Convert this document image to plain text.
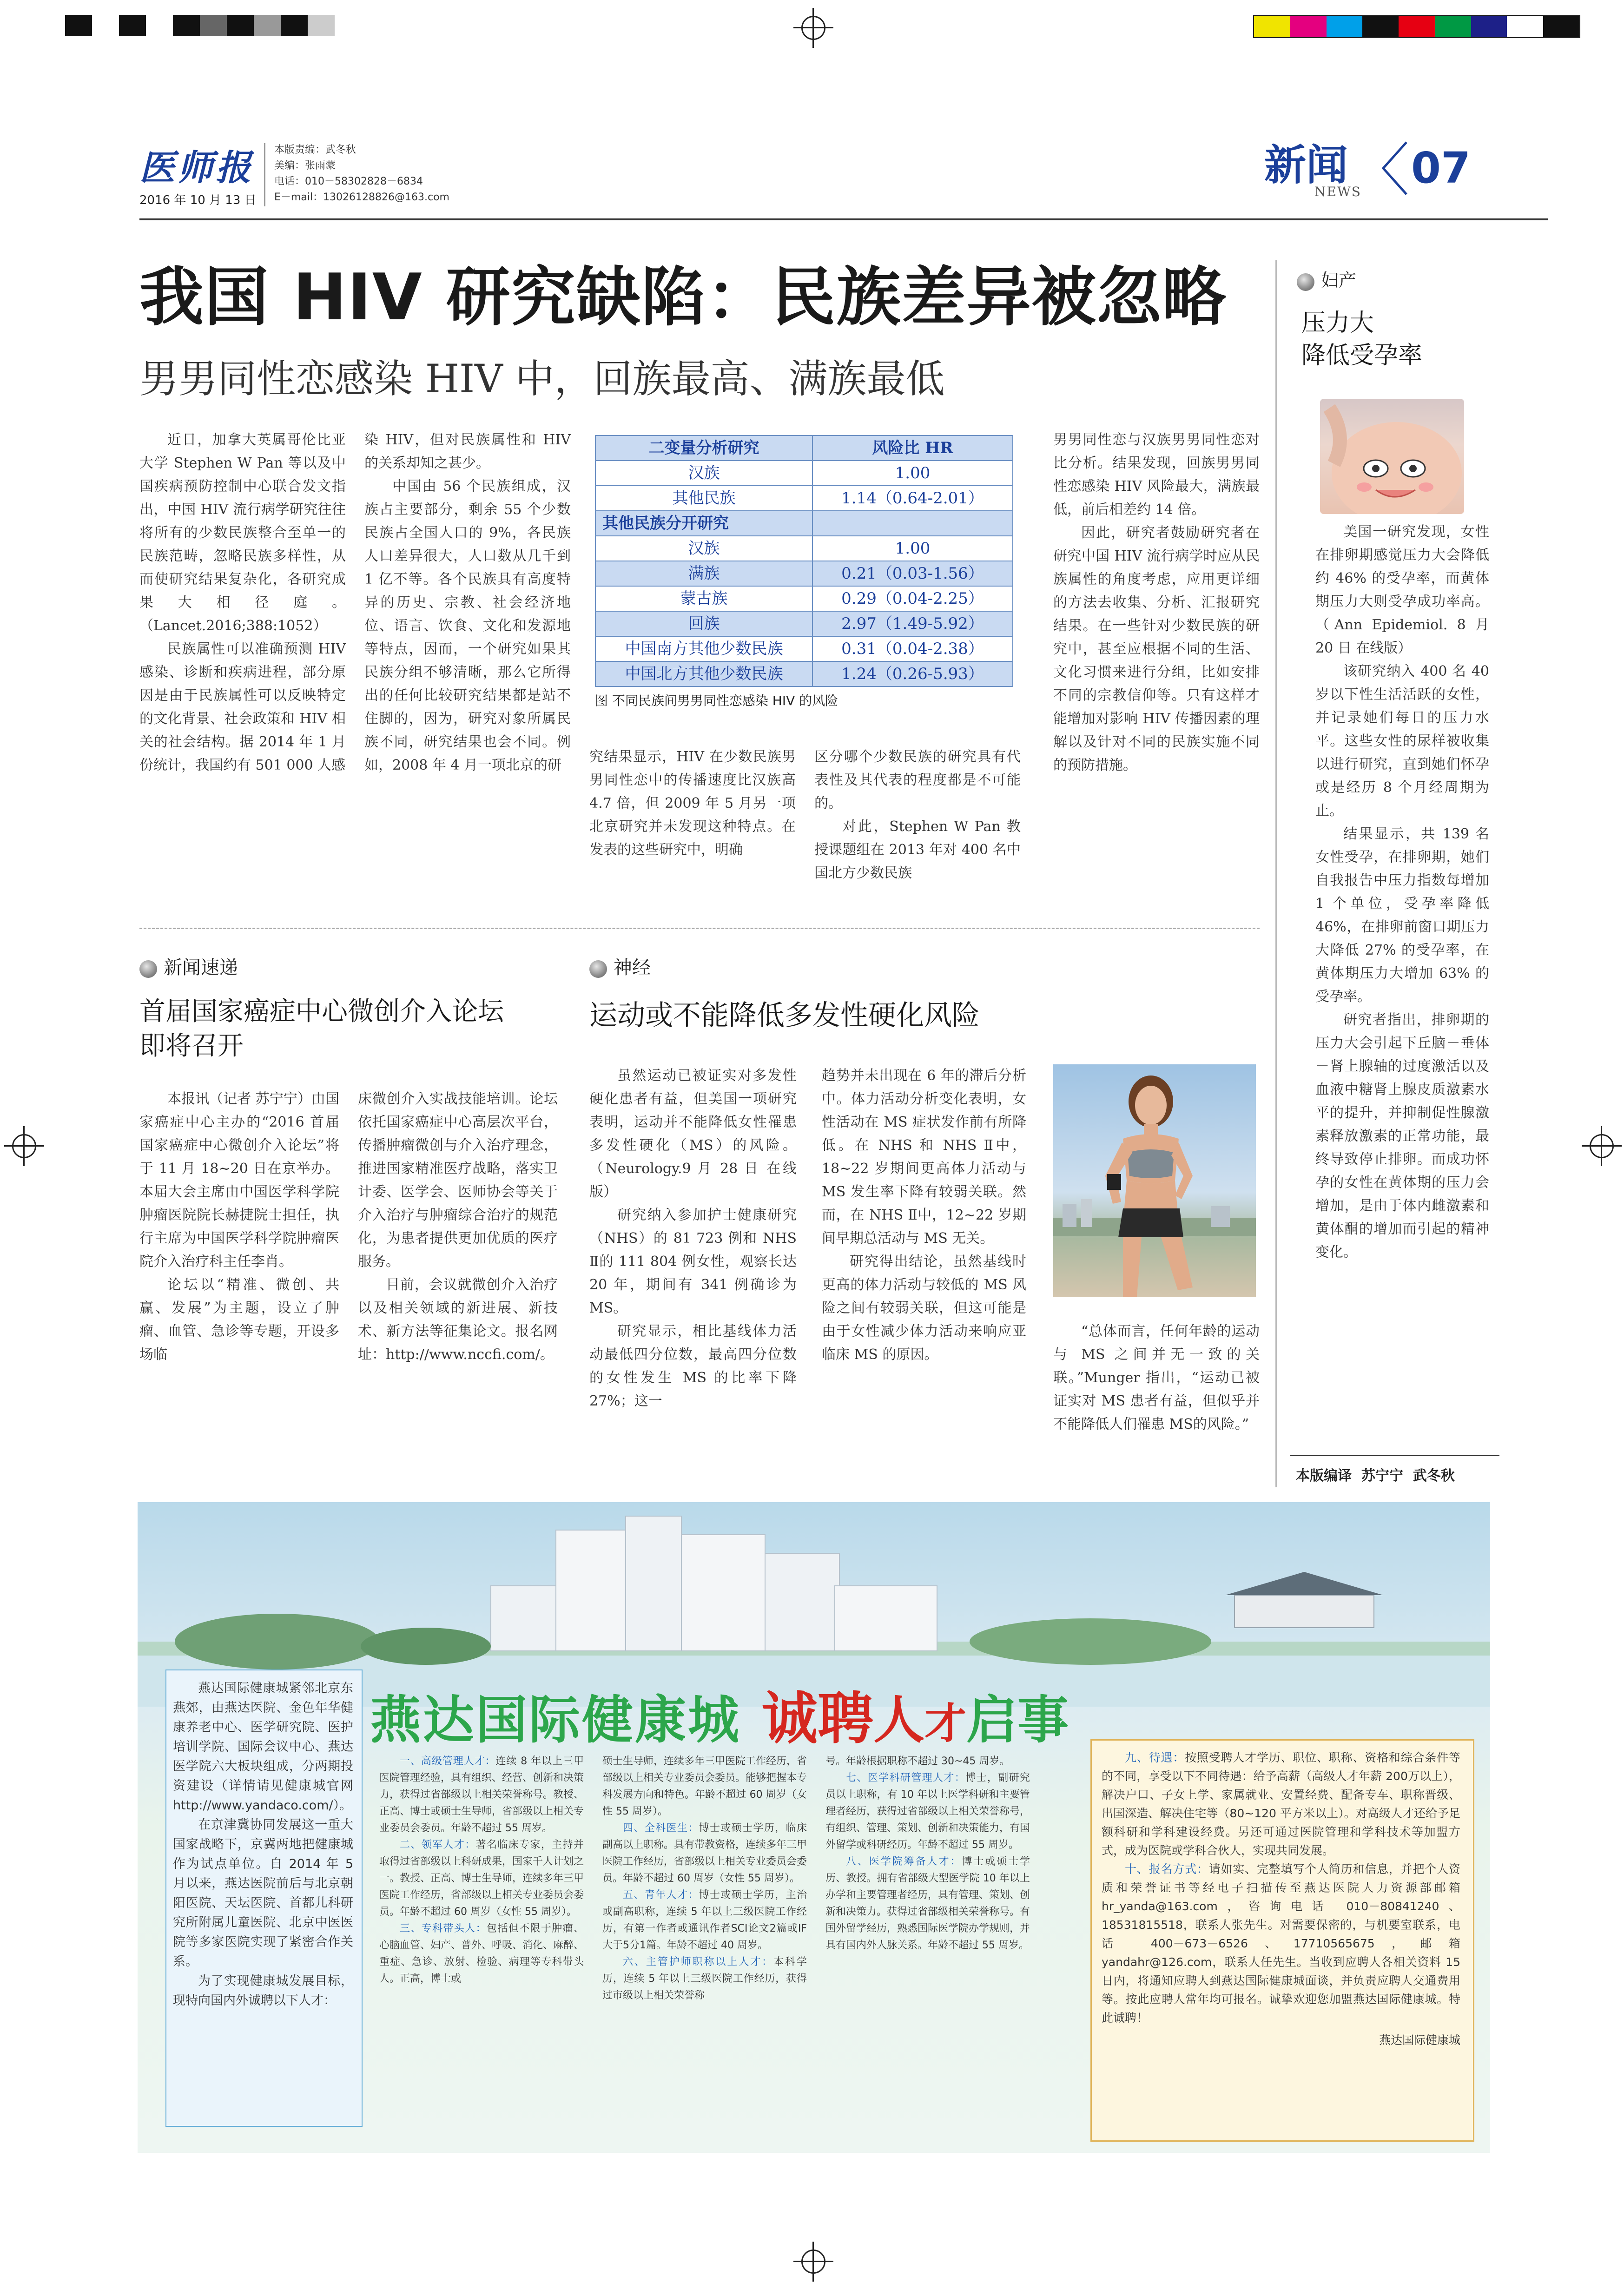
医师报
2016 年 10 月 13 日
本版责编：武冬秋
美编：张雨蒙
电话：010－58302828－6834
E－mail：13026128826@163.com
新闻
NEWS 07
我国 HIV 研究缺陷：民族差异被忽略
男男同性恋感染 HIV 中，回族最高、满族最低

近日，加拿大英属哥伦比亚大学 Stephen W Pan 等以及中国疾病预防控制中心联合发文指出，中国 HIV 流行病学研究往往将所有的少数民族整合至单一的民族范畴，忽略民族多样性，从而使研究结果复杂化，各研究成果大相径庭。（Lancet.2016;388:1052）

民族属性可以准确预测 HIV 感染、诊断和疾病进程，部分原因是由于民族属性可以反映特定的文化背景、社会政策和 HIV 相关的社会结构。据 2014 年 1 月份统计，我国约有 501 000 人感

染 HIV，但对民族属性和 HIV 的关系却知之甚少。

中国由 56 个民族组成，汉族占主要部分，剩余 55 个少数民族占全国人口的 9%，各民族人口差异很大，人口数从几千到 1 亿不等。各个民族具有高度特异的历史、宗教、社会经济地位、语言、饮食、文化和发源地等特点，因而，一个研究如果其民族分组不够清晰，那么它所得出的任何比较研究结果都是站不住脚的，因为，研究对象所属民族不同，研究结果也会不同。例如，2008 年 4 月一项北京的研

二变量分析研究	风险比 HR
汉族	1.00
其他民族	1.14（0.64-2.01）
其他民族分开研究	
汉族	1.00
满族	0.21（0.03-1.56）
蒙古族	0.29（0.04-2.25）
回族	2.97（1.49-5.92）
中国南方其他少数民族	0.31（0.04-2.38）
中国北方其他少数民族	1.24（0.26-5.93）
图 不同民族间男男同性恋感染 HIV 的风险

究结果显示，HIV 在少数民族男男同性恋中的传播速度比汉族高 4.7 倍，但 2009 年 5 月另一项北京研究并未发现这种特点。在发表的这些研究中，明确

区分哪个少数民族的研究具有代表性及其代表的程度都是不可能的。

对此，Stephen W Pan 教授课题组在 2013 年对 400 名中国北方少数民族

男男同性恋与汉族男男同性恋对比分析。结果发现，回族男男同性恋感染 HIV 风险最大，满族最低，前后相差约 14 倍。

因此，研究者鼓励研究者在研究中国 HIV 流行病学时应从民族属性的角度考虑，应用更详细的方法去收集、分析、汇报研究结果。在一些针对少数民族的研究中，甚至应根据不同的生活、文化习惯来进行分组，比如安排不同的宗教信仰等。只有这样才能增加对影响 HIV 传播因素的理解以及针对不同的民族实施不同的预防措施。

妇产
压力大
降低受孕率

美国一研究发现，女性在排卵期感觉压力大会降低约 46% 的受孕率，而黄体期压力大则受孕成功率高。（Ann Epidemiol. 8 月 20 日 在线版）

该研究纳入 400 名 40 岁以下性生活活跃的女性，并记录她们每日的压力水平。这些女性的尿样被收集以进行研究，直到她们怀孕或是经历 8 个月经周期为止。

结果显示，共 139 名女性受孕，在排卵期，她们自我报告中压力指数每增加 1 个单位，受孕率降低 46%，在排卵前窗口期压力大降低 27% 的受孕率，在黄体期压力大增加 63% 的受孕率。

研究者指出，排卵期的压力大会引起下丘脑－垂体－肾上腺轴的过度激活以及血液中糖肾上腺皮质激素水平的提升，并抑制促性腺激素释放激素的正常功能，最终导致停止排卵。而成功怀孕的女性在黄体期的压力会增加，是由于体内雌激素和黄体酮的增加而引起的精神变化。

本版编译  苏宁宁  武冬秋
新闻速递
首届国家癌症中心微创介入论坛
即将召开

本报讯（记者 苏宁宁）由国家癌症中心主办的“2016 首届国家癌症中心微创介入论坛”将于 11 月 18~20 日在京举办。本届大会主席由中国医学科学院肿瘤医院院长赫捷院士担任，执行主席为中国医学科学院肿瘤医院介入治疗科主任李肖。

论坛以“精准、微创、共赢、发展”为主题，设立了肿瘤、血管、急诊等专题，开设多场临

床微创介入实战技能培训。论坛依托国家癌症中心高层次平台，传播肿瘤微创与介入治疗理念，推进国家精准医疗战略，落实卫计委、医学会、医师协会等关于介入治疗与肿瘤综合治疗的规范化，为患者提供更加优质的医疗服务。

目前，会议就微创介入治疗以及相关领域的新进展、新技术、新方法等征集论文。报名网址：http://www.nccfi.com/。

神经
运动或不能降低多发性硬化风险

虽然运动已被证实对多发性硬化患者有益，但美国一项研究表明，运动并不能降低女性罹患多发性硬化（MS）的风险。（Neurology.9 月 28 日 在线版）

研究纳入参加护士健康研究（NHS）的 81 723 例和 NHS Ⅱ的 111 804 例女性，观察长达 20 年，期间有 341 例确诊为 MS。

研究显示，相比基线体力活动最低四分位数，最高四分位数的女性发生 MS 的比率下降 27%；这一

趋势并未出现在 6 年的滞后分析中。体力活动分析变化表明，女性活动在 MS 症状发作前有所降低。在 NHS 和 NHS Ⅱ中，18~22 岁期间更高体力活动与 MS 发生率下降有较弱关联。然而，在 NHS Ⅱ中，12~22 岁期间早期总活动与 MS 无关。

研究得出结论，虽然基线时更高的体力活动与较低的 MS 风险之间有较弱关联，但这可能是由于女性减少体力活动来响应亚临床 MS 的原因。

“总体而言，任何年龄的运动与 MS 之间并无一致的关联。”Munger 指出，“运动已被证实对 MS 患者有益，但似乎并不能降低人们罹患 MS的风险。”

燕达国际健康城 诚聘人才启事

燕达国际健康城紧邻北京东燕郊，由燕达医院、金色年华健康养老中心、医学研究院、医护培训学院、国际会议中心、燕达医学院六大板块组成，分两期投资建设（详情请见健康城官网 http://www.yandaco.com/）。

在京津冀协同发展这一重大国家战略下，京冀两地把健康城作为试点单位。自 2014 年 5 月以来，燕达医院前后与北京朝阳医院、天坛医院、首都儿科研究所附属儿童医院、北京中医医院等多家医院实现了紧密合作关系。

为了实现健康城发展目标，现特向国内外诚聘以下人才：

一、高级管理人才：连续 8 年以上三甲医院管理经验，具有组织、经营、创新和决策力，获得过省部级以上相关荣誉称号。教授、正高、博士或硕士生导师，省部级以上相关专业委员会委员。年龄不超过 55 周岁。

二、领军人才：著名临床专家，主持并取得过省部级以上科研成果，国家千人计划之一。教授、正高、博士生导师，连续多年三甲医院工作经历，省部级以上相关专业委员会委员。年龄不超过 60 周岁（女性 55 周岁）。

三、专科带头人：包括但不限于肿瘤、心脑血管、妇产、普外、呼吸、消化、麻醉、重症、急诊、放射、检验、病理等专科带头人。正高，博士或

硕士生导师，连续多年三甲医院工作经历，省部级以上相关专业委员会委员。能够把握本专科发展方向和特色。年龄不超过 60 周岁（女性 55 周岁）。

四、全科医生：博士或硕士学历，临床副高以上职称。具有带教资格，连续多年三甲医院工作经历，省部级以上相关专业委员会委员。年龄不超过 60 周岁（女性 55 周岁）。

五、青年人才：博士或硕士学历，主治或副高职称，连续 5 年以上三级医院工作经历，有第一作者或通讯作者SCI论文2篇或IF大于5分1篇。年龄不超过 40 周岁。

六、主管护师职称以上人才：本科学历，连续 5 年以上三级医院工作经历，获得过市级以上相关荣誉称

号。年龄根据职称不超过 30~45 周岁。

七、医学科研管理人才：博士，副研究员以上职称，有 10 年以上医学科研和主要管理者经历，获得过省部级以上相关荣誉称号，有组织、管理、策划、创新和决策能力，有国外留学或科研经历。年龄不超过 55 周岁。

八、医学院筹备人才：博士或硕士学历、教授。拥有省部级大型医学院 10 年以上办学和主要管理者经历，具有管理、策划、创新和决策力。获得过省部级相关荣誉称号。有国外留学经历，熟悉国际医学院办学规则，并具有国内外人脉关系。年龄不超过 55 周岁。

九、待遇：按照受聘人才学历、职位、职称、资格和综合条件等的不同，享受以下不同待遇：给予高薪（高级人才年薪 200万以上），解决户口、子女上学、家属就业、安置经费、配备专车、职称晋级、出国深造、解决住宅等（80~120 平方米以上）。对高级人才还给予足额科研和学科建设经费。另还可通过医院管理和学科技术等加盟方式，成为医院或学科合伙人，实现共同发展。

十、报名方式：请如实、完整填写个人简历和信息，并把个人资质和荣誉证书等经电子扫描传至燕达医院人力资源部邮箱 hr_yanda@163.com，咨询电话 010－80841240、18531815518，联系人张先生。对需要保密的，与机要室联系，电话 400－673－6526、17710565675，邮箱 yandahr@126.com，联系人任先生。当收到应聘人各相关资料 15 日内，将通知应聘人到燕达国际健康城面谈，并负责应聘人交通费用等。按此应聘人常年均可报名。诚挚欢迎您加盟燕达国际健康城。特此诚聘！

燕达国际健康城
